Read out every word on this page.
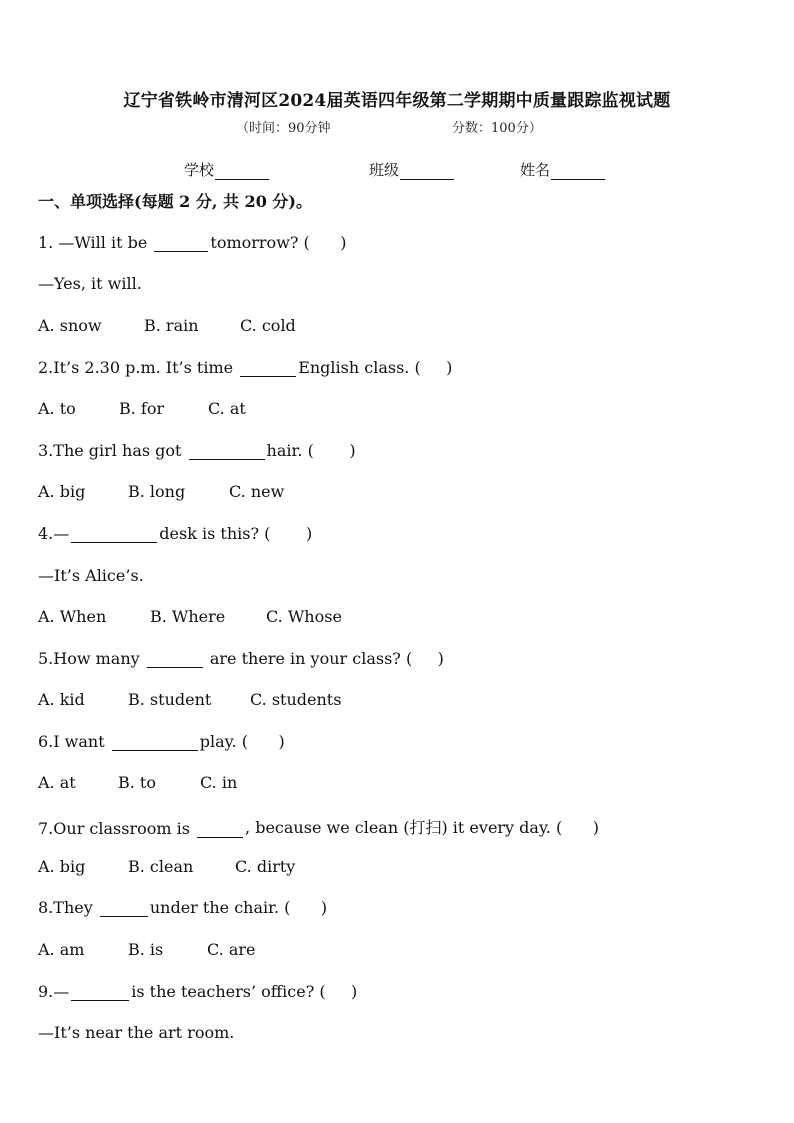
辽宁省铁岭市清河区2024届英语四年级第二学期期中质量跟踪监视试题
（时间：90分钟	分数：100分）
学校	班级	姓名
一、单项选择(每题 2 分, 共 20 分)。
1. —Will it be	tomorrow? (      )
—Yes, it will.
A. snow	B. rain	C. cold
2.It’s 2.30 p.m. It’s time	English class. (     )
A. to	B. for	C. at
3.The girl has got	hair. (       )
A. big	B. long	C. new
4.—	desk is this? (       )
—It’s Alice’s.
A. When	B. Where	C. Whose
5.How many	are there in your class? (     )
A. kid	B. student C. students
6.I want	play. (      )
A. at	B. to	C. in
7.Our classroom is	, because we clean (打扫) it every day. (      )
A. big	B. clean	C. dirty
8.They	under the chair. (      )
A. am	B. is	C. are
9.—	is the teachers’ office? (     )
—It’s near the art room.
